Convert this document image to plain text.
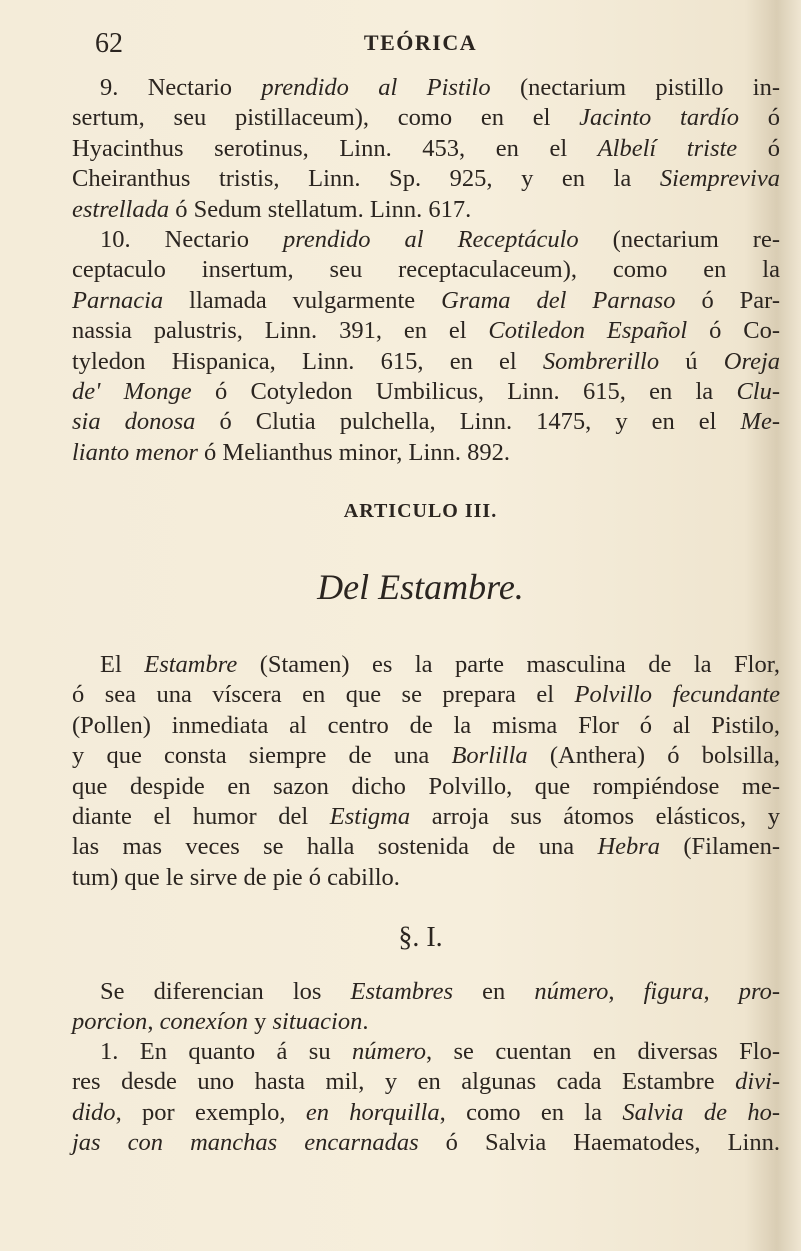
62	TEÓRICA
9. Nectario prendido al Pistilo (nectarium pistillo in-
sertum, seu pistillaceum), como en el Jacinto tardío ó
Hyacinthus serotinus, Linn. 453, en el Albelí triste ó
Cheiranthus tristis, Linn. Sp. 925, y en la Siempreviva
estrellada ó Sedum stellatum. Linn. 617.
10. Nectario prendido al Receptáculo (nectarium re-
ceptaculo insertum, seu receptaculaceum), como en la
Parnacia llamada vulgarmente Grama del Parnaso ó Par-
nassia palustris, Linn. 391, en el Cotiledon Español ó Co-
tyledon Hispanica, Linn. 615, en el Sombrerillo ú Oreja
de' Monge ó Cotyledon Umbilicus, Linn. 615, en la Clu-
sia donosa ó Clutia pulchella, Linn. 1475, y en el Me-
lianto menor ó Melianthus minor, Linn. 892.
ARTICULO III.
Del Estambre.
El Estambre (Stamen) es la parte masculina de la Flor,
ó sea una víscera en que se prepara el Polvillo fecundante
(Pollen) inmediata al centro de la misma Flor ó al Pistilo,
y que consta siempre de una Borlilla (Anthera) ó bolsilla,
que despide en sazon dicho Polvillo, que rompiéndose me-
diante el humor del Estigma arroja sus átomos elásticos, y
las mas veces se halla sostenida de una Hebra (Filamen-
tum) que le sirve de pie ó cabillo.
§. I.
Se diferencian los Estambres en número, figura, pro-
porcion, conexíon y situacion.
1. En quanto á su número, se cuentan en diversas Flo-
res desde uno hasta mil, y en algunas cada Estambre divi-
dido, por exemplo, en horquilla, como en la Salvia de ho-
jas con manchas encarnadas ó Salvia Haematodes, Linn.
